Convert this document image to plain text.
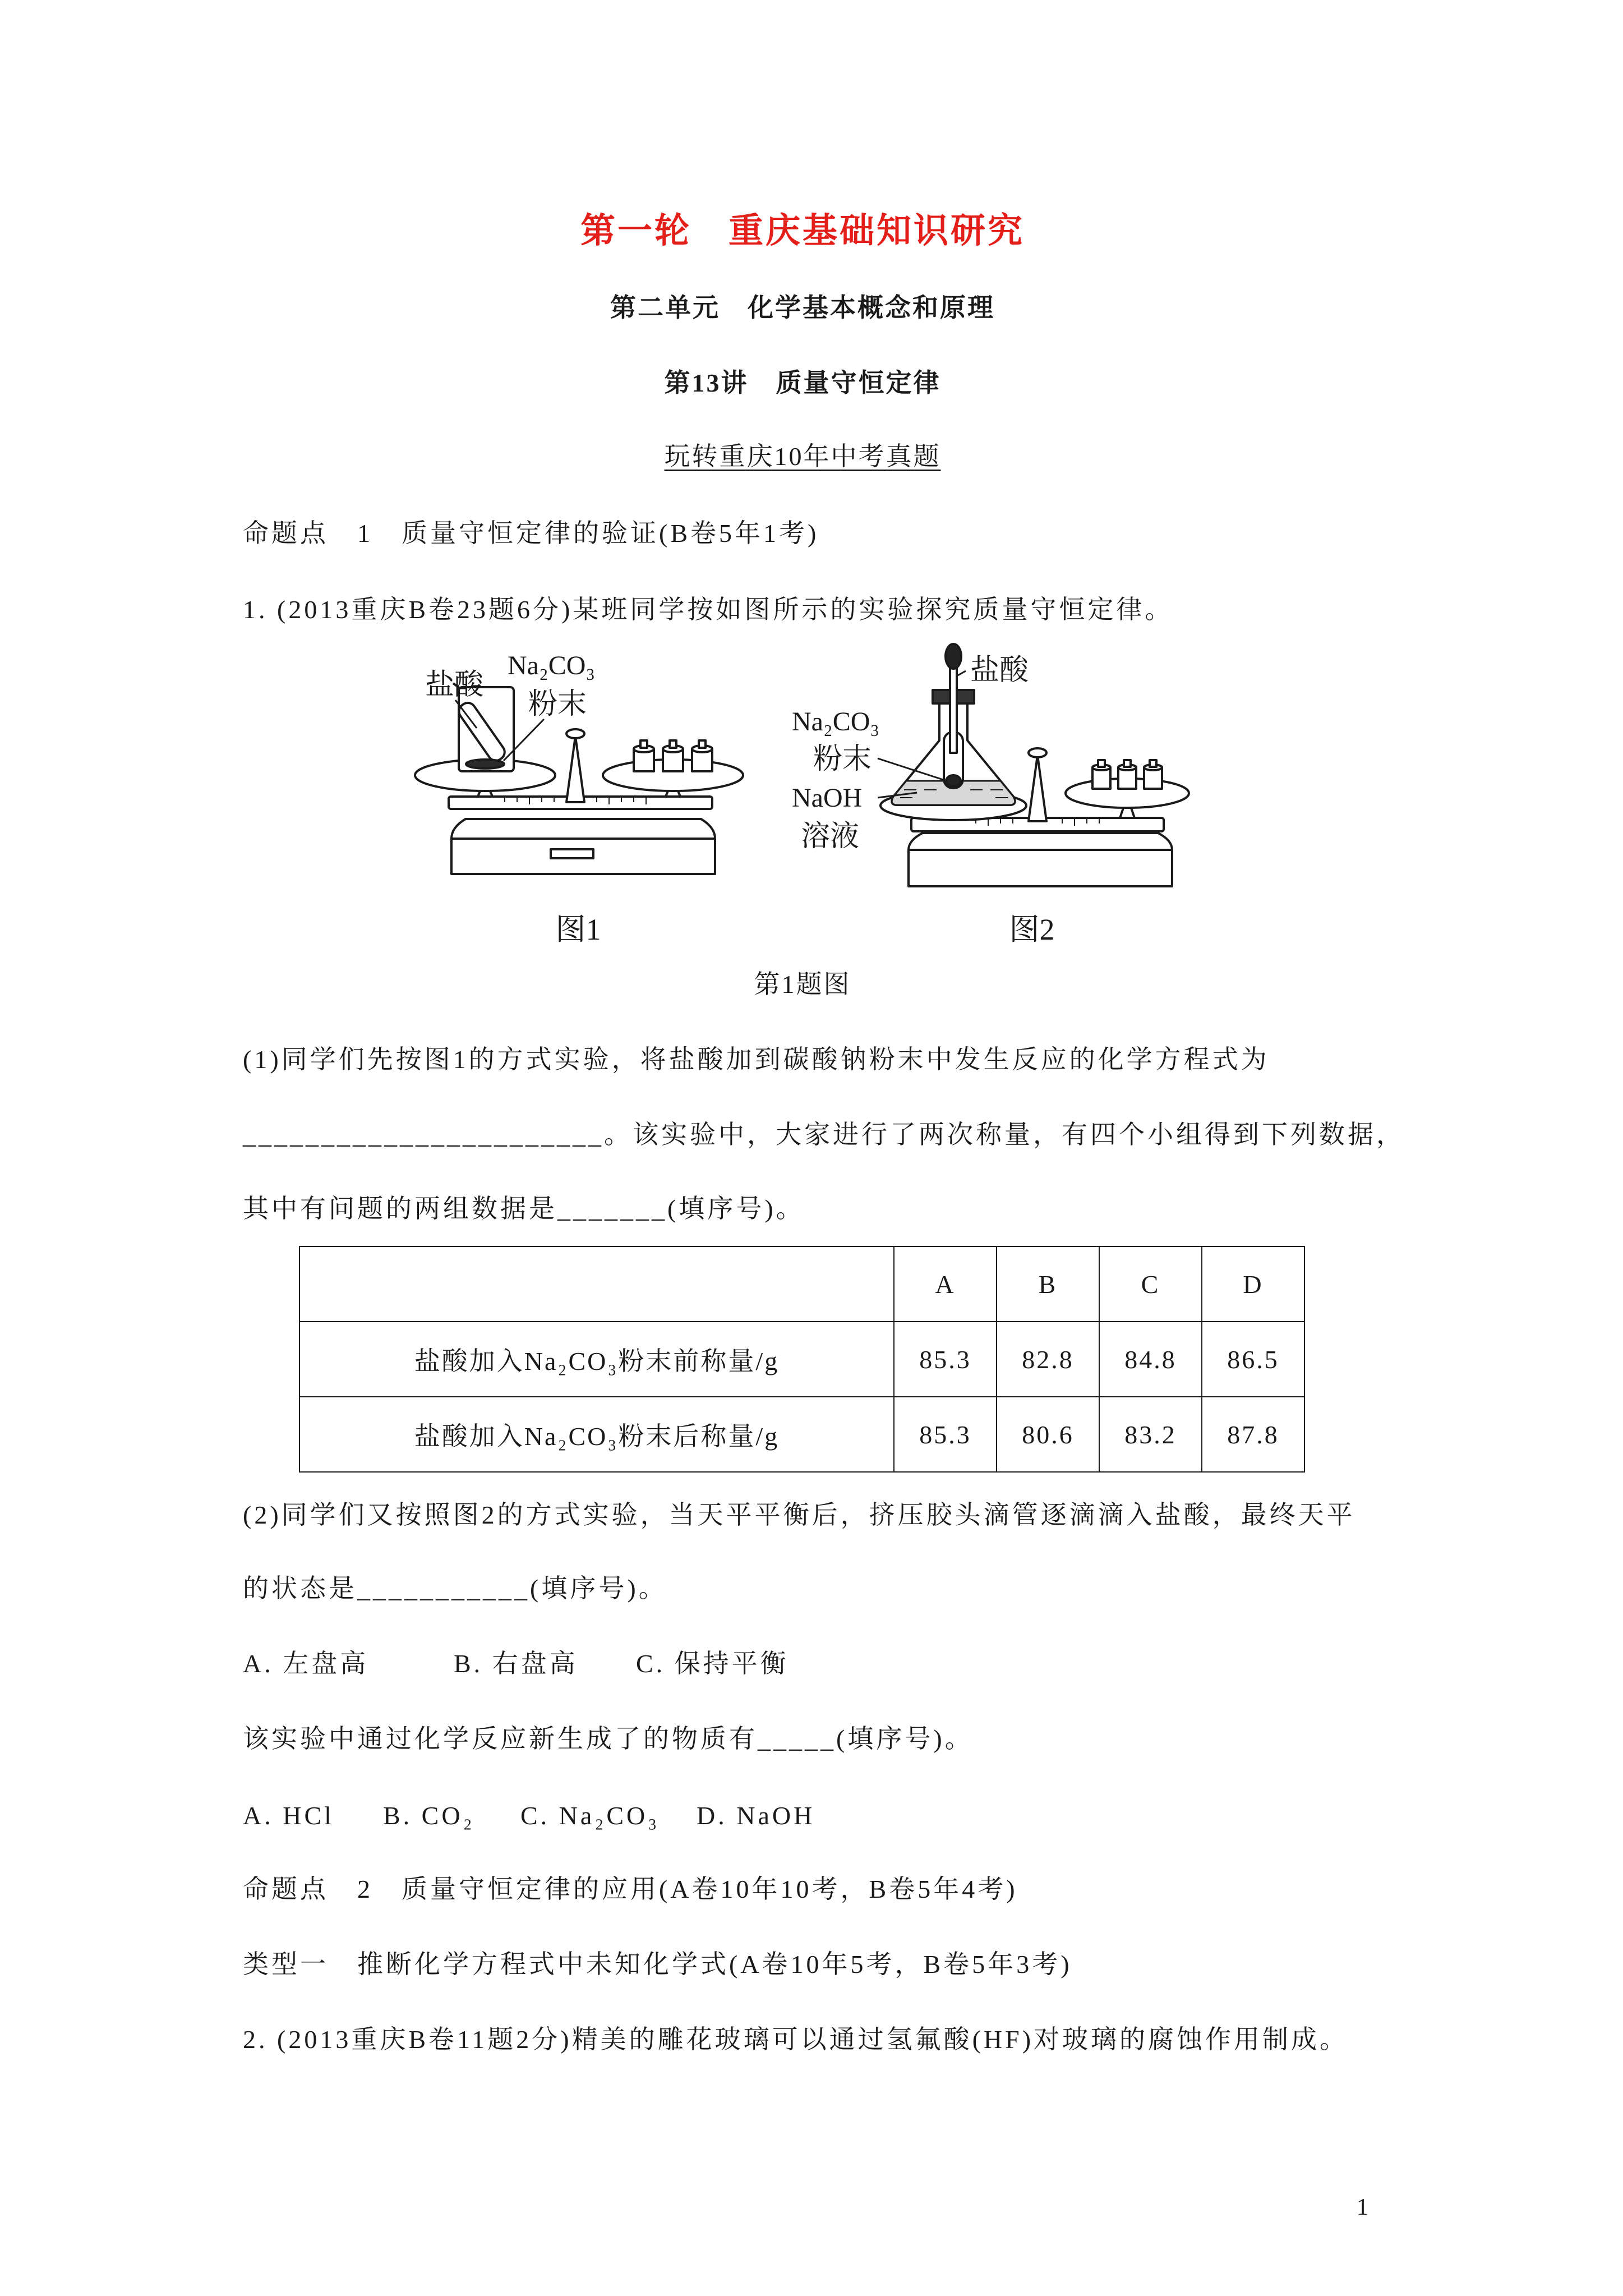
第一轮　重庆基础知识研究
第二单元　化学基本概念和原理
第13讲　质量守恒定律
玩转重庆10年中考真题
命题点　1　质量守恒定律的验证(B卷5年1考)
1. (2013重庆B卷23题6分)某班同学按如图所示的实验探究质量守恒定律。
盐酸
Na₂CO₃
粉末
盐酸
Na₂CO₃
粉末
NaOH
溶液
图1	图2
第1题图
(1)同学们先按图1的方式实验，将盐酸加到碳酸钠粉末中发生反应的化学方程式为
_______________________。该实验中，大家进行了两次称量，有四个小组得到下列数据，
其中有问题的两组数据是_______(填序号)。
	A	B	C	D
盐酸加入Na₂CO₃粉末前称量/g	85.3	82.8	84.8	86.5
盐酸加入Na₂CO₃粉末后称量/g	85.3	80.6	83.2	87.8
(2)同学们又按照图2的方式实验，当天平平衡后，挤压胶头滴管逐滴滴入盐酸，最终天平
的状态是___________(填序号)。
A. 左盘高	B. 右盘高 C. 保持平衡
该实验中通过化学反应新生成了的物质有_____(填序号)。
A. HCl B. CO₂ C. Na₂CO₃ D. NaOH
命题点　2　质量守恒定律的应用(A卷10年10考，B卷5年4考)
类型一　推断化学方程式中未知化学式(A卷10年5考，B卷5年3考)
2. (2013重庆B卷11题2分)精美的雕花玻璃可以通过氢氟酸(HF)对玻璃的腐蚀作用制成。
1
